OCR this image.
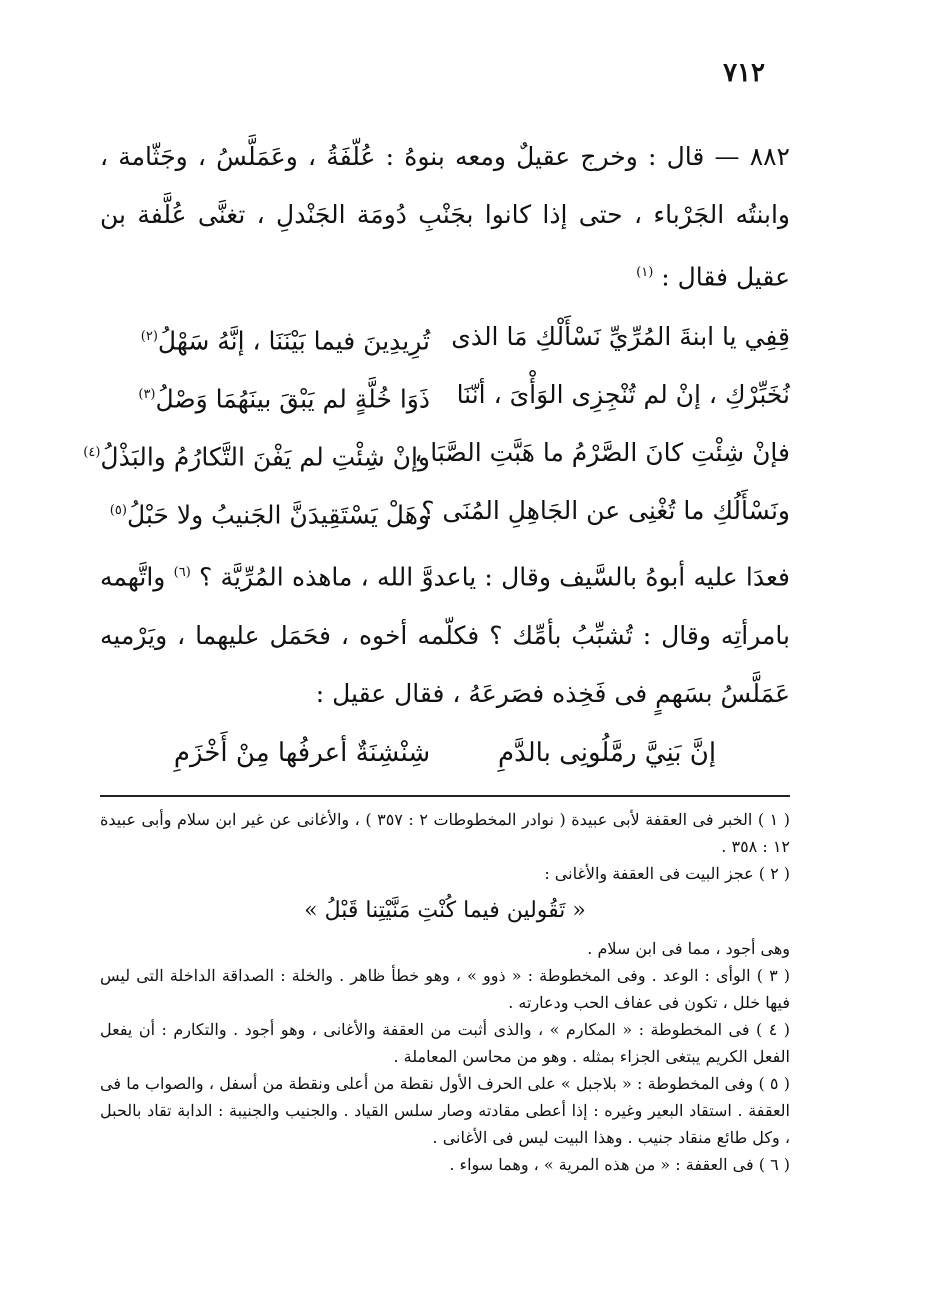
٧١٢

٨٨٢ — قال : وخرج عقيلٌ ومعه بنوهُ : عُلّفَةُ ، وعَمَلَّسُ ، وجَثّامة ، وابنتُه الجَرْباء ، حتى إذا كانوا بجَنْبِ دُومَة الجَنْدلِ ، تغنَّى عُلَّفة بن عقيل فقال : $^{(١)}$

قِفِي يا ابنةَ المُرِّيِّ نَسْأَلْكِ مَا الذى
تُرِيدِينَ فيما بَيْنَنَا ، إنَّهُ سَهْلُ$^{(٢)}$
نُخَبِّرْكِ ، إنْ لم تُنْجِزِى الوَأْىَ ، أنّنَا
ذَوَا خُلَّةٍ لم يَبْقَ بينَهُمَا وَصْلُ$^{(٣)}$
فإنْ شِئْتِ كانَ الصَّرْمُ ما هَبَّتِ الصَّبَا ،
وإنْ شِئْتِ لم يَفْنَ التَّكارُمُ والبَذْلُ$^{(٤)}$
ونَسْأَلُكِ ما تُغْنِى عن الجَاهِلِ المُنَى ؟
وهَلْ يَسْتَقِيدَنَّ الجَنيبُ ولا حَبْلُ$^{(٥)}$

فعدَا عليه أبوهُ بالسَّيف وقال : ياعدوَّ الله ، ماهذه المُرِّيَّة ؟ $^{(٦)}$ واتَّهمه بامرأتِه وقال : تُشبِّبُ بأمِّك ؟ فكلّمه أخوه ، فحَمَل عليهما ، ويَرْميه عَمَلَّسُ بسَهمٍ فى فَخِذه فصَرعَهُ ، فقال عقيل :

إنَّ بَنِيَّ رمَّلُونِى بالدَّمِ
شِنْشِنَةٌ أعرفُها مِنْ أَخْزَمِ

( ١ ) الخبر فى العقفة لأبى عبيدة ( نوادر المخطوطات ٢ : ٣٥٧ ) ، والأغانى عن غير ابن سلام وأبى عبيدة ١٢ : ٣٥٨ .

( ٢ ) عجز البيت فى العقفة والأغانى :

« تَقُولين فيما كُنْتِ مَنَّيْتِنا قَبْلُ »

وهى أجود ، مما فى ابن سلام .

( ٣ ) الوأى : الوعد . وفى المخطوطة : « ذوو » ، وهو خطأ ظاهر . والخلة : الصداقة الداخلة التى ليس فيها خلل ، تكون فى عفاف الحب ودعارته .

( ٤ ) فى المخطوطة : « المكارم » ، والذى أثبت من العقفة والأغانى ، وهو أجود . والتكارم : أن يفعل الفعل الكريم يبتغى الجزاء بمثله . وهو من محاسن المعاملة .

( ٥ ) وفى المخطوطة : « بلاجبل » على الحرف الأول نقطة من أعلى ونقطة من أسفل ، والصواب ما فى العقفة . استقاد البعير وغيره : إذا أعطى مقادته وصار سلس القياد . والجنيب والجنيبة : الدابة تقاد بالحبل ، وكل طائع منقاد جنيب . وهذا البيت ليس فى الأغانى .

( ٦ ) فى العقفة : « من هذه المرية » ، وهما سواء .
